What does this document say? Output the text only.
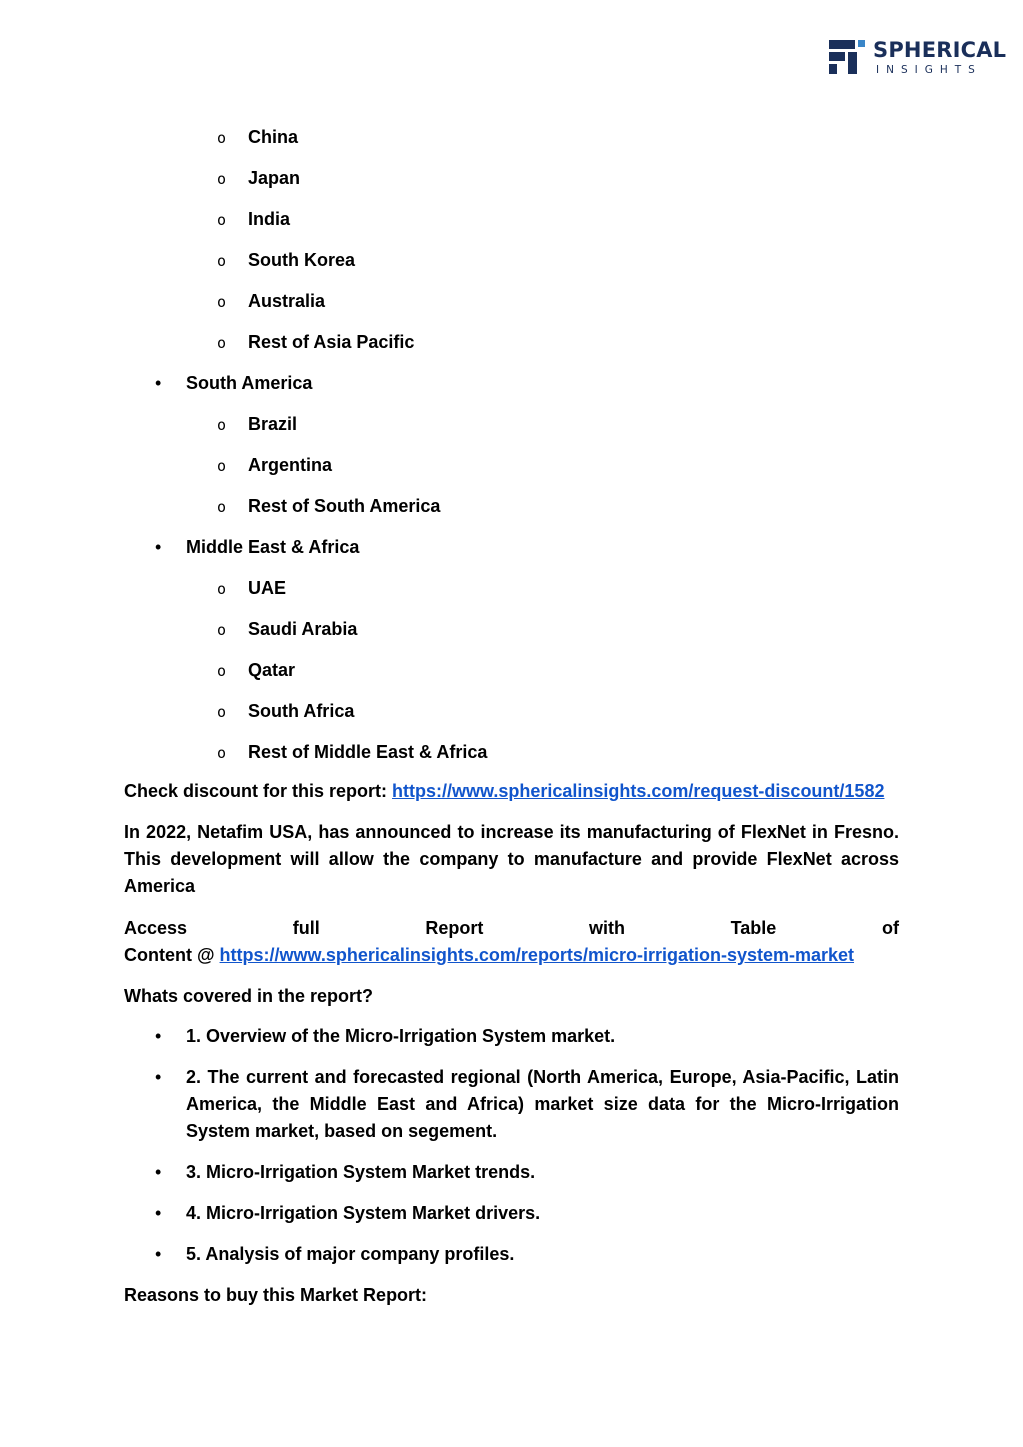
SPHERICAL
INSIGHTS
o China
o Japan
o India
o South Korea
o Australia
o Rest of Asia Pacific
• South America
o Brazil
o Argentina
o Rest of South America
• Middle East & Africa
o UAE
o Saudi Arabia
o Qatar
o South Africa
o Rest of Middle East & Africa
Check discount for this report: https://www.sphericalinsights.com/request-discount/1582
In 2022, Netafim USA, has announced to increase its manufacturing of FlexNet in Fresno. This development will allow the company to manufacture and provide FlexNet across America
Access	full	Report	with	Table	of
Content @ https://www.sphericalinsights.com/reports/micro-irrigation-system-market
Whats covered in the report?
• 1. Overview of the Micro-Irrigation System market.
• 2. The current and forecasted regional (North America, Europe, Asia-Pacific, Latin America, the Middle East and Africa) market size data for the Micro-Irrigation System market, based on segement.
• 3. Micro-Irrigation System Market trends.
• 4. Micro-Irrigation System Market drivers.
• 5. Analysis of major company profiles.
Reasons to buy this Market Report:
